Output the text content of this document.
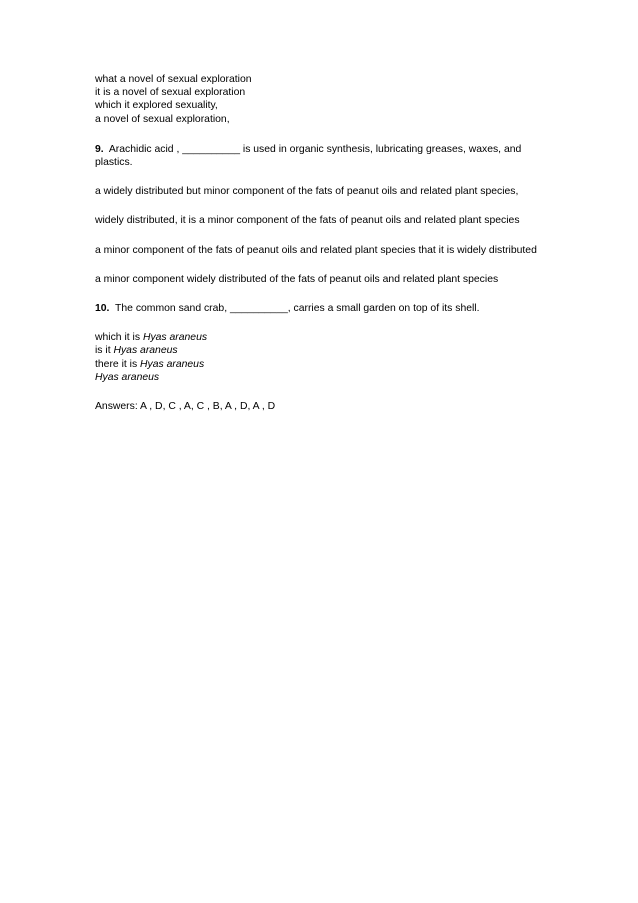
what a novel of sexual exploration
it is a novel of sexual exploration
which it explored sexuality,
a novel of sexual exploration,
9. Arachidic acid , __________ is used in organic synthesis, lubricating greases, waxes, and plastics.
a widely distributed but minor component of the fats of peanut oils and related plant species,
widely distributed, it is a minor component of the fats of peanut oils and related plant species
a minor component of the fats of peanut oils and related plant species that it is widely distributed
a minor component widely distributed of the fats of peanut oils and related plant species
10. The common sand crab, __________, carries a small garden on top of its shell.
which it is Hyas araneus
is it Hyas araneus
there it is Hyas araneus
Hyas araneus
Answers: A , D, C , A, C , B, A , D, A , D
